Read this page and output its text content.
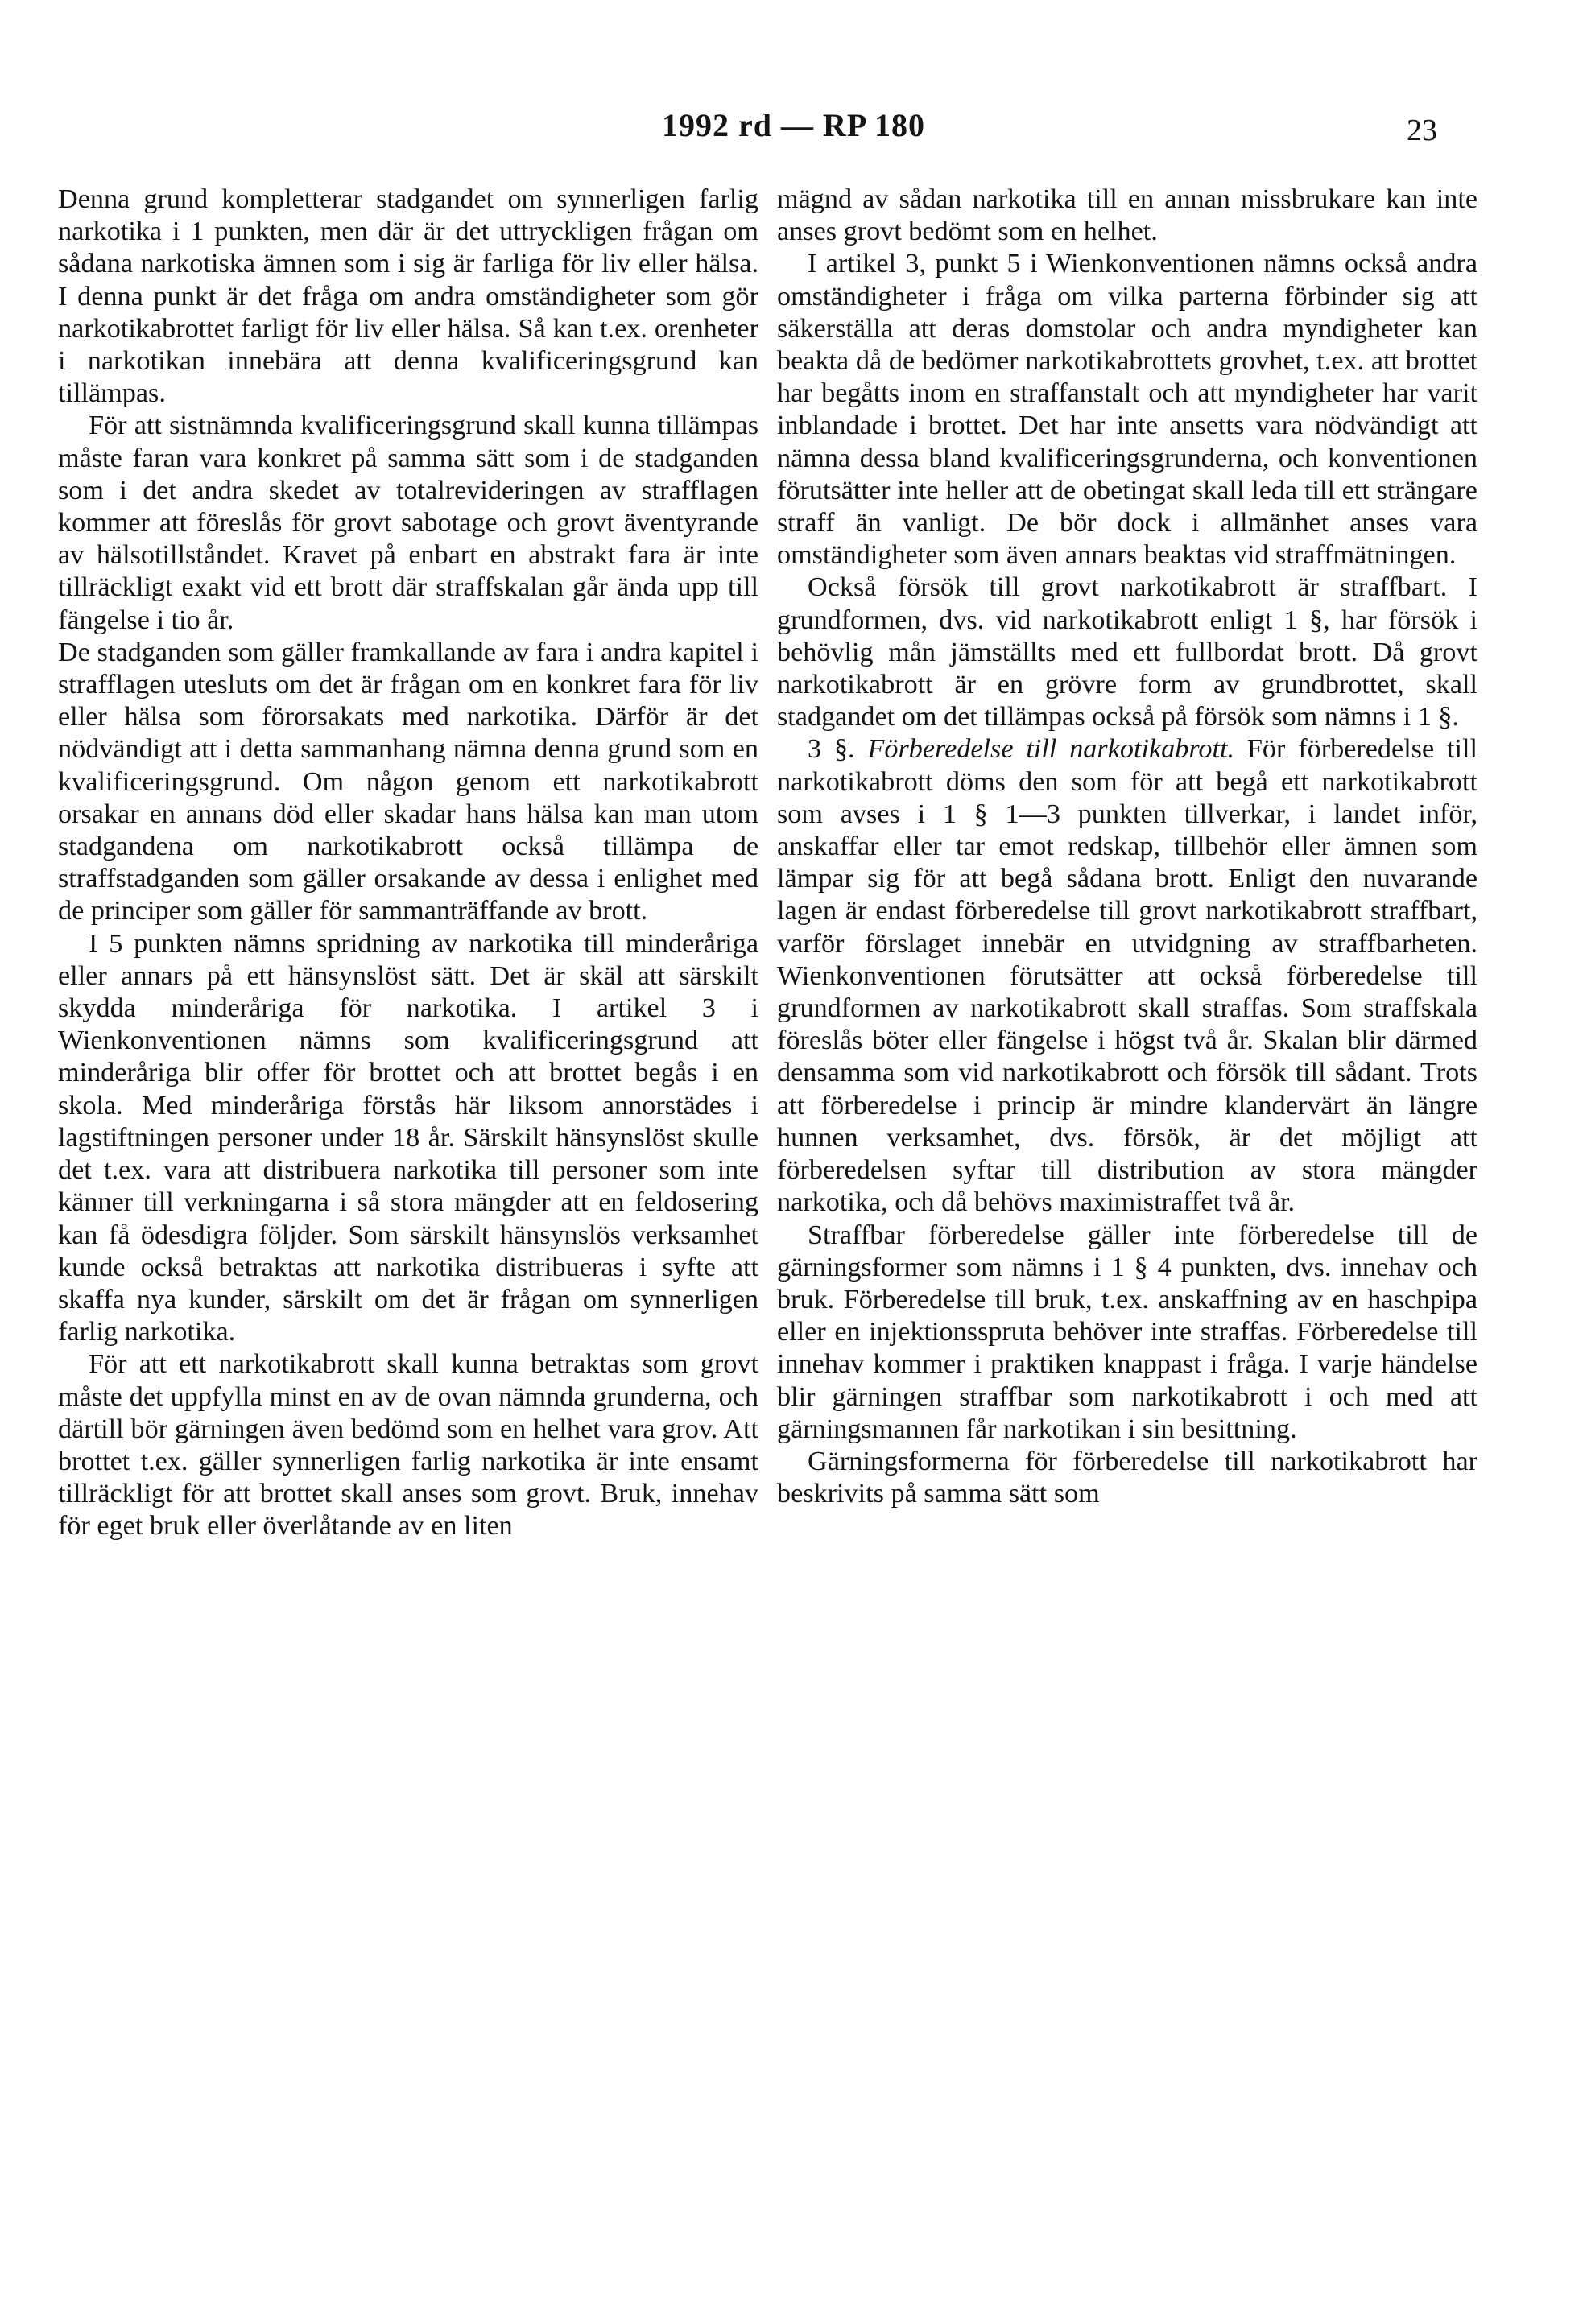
1992 rd — RP 180	23

Denna grund kompletterar stadgandet om synnerligen farlig narkotika i 1 punkten, men där är det uttryckligen frågan om sådana narkotiska ämnen som i sig är farliga för liv eller hälsa. I denna punkt är det fråga om andra omständigheter som gör narkotikabrottet farligt för liv eller hälsa. Så kan t.ex. orenheter i narkotikan innebära att denna kvalificeringsgrund kan tillämpas.

För att sistnämnda kvalificeringsgrund skall kunna tillämpas måste faran vara konkret på samma sätt som i de stadganden som i det andra skedet av totalrevideringen av strafflagen kommer att föreslås för grovt sabotage och grovt äventyrande av hälsotillståndet. Kravet på enbart en abstrakt fara är inte tillräckligt exakt vid ett brott där straffskalan går ända upp till fängelse i tio år.

De stadganden som gäller framkallande av fara i andra kapitel i strafflagen utesluts om det är frågan om en konkret fara för liv eller hälsa som förorsakats med narkotika. Därför är det nödvändigt att i detta sammanhang nämna denna grund som en kvalificeringsgrund. Om någon genom ett narkotikabrott orsakar en annans död eller skadar hans hälsa kan man utom stadgandena om narkotikabrott också tillämpa de straffstadganden som gäller orsakande av dessa i enlighet med de principer som gäller för sammanträffande av brott.

I 5 punkten nämns spridning av narkotika till minderåriga eller annars på ett hänsynslöst sätt. Det är skäl att särskilt skydda minderåriga för narkotika. I artikel 3 i Wienkonventionen nämns som kvalificeringsgrund att minderåriga blir offer för brottet och att brottet begås i en skola. Med minderåriga förstås här liksom annorstädes i lagstiftningen personer under 18 år. Särskilt hänsynslöst skulle det t.ex. vara att distribuera narkotika till personer som inte känner till verkningarna i så stora mängder att en feldosering kan få ödesdigra följder. Som särskilt hänsynslös verksamhet kunde också betraktas att narkotika distribueras i syfte att skaffa nya kunder, särskilt om det är frågan om synnerligen farlig narkotika.

För att ett narkotikabrott skall kunna betraktas som grovt måste det uppfylla minst en av de ovan nämnda grunderna, och därtill bör gärningen även bedömd som en helhet vara grov. Att brottet t.ex. gäller synnerligen farlig narkotika är inte ensamt tillräckligt för att brottet skall anses som grovt. Bruk, innehav för eget bruk eller överlåtande av en liten

mägnd av sådan narkotika till en annan missbrukare kan inte anses grovt bedömt som en helhet.

I artikel 3, punkt 5 i Wienkonventionen nämns också andra omständigheter i fråga om vilka parterna förbinder sig att säkerställa att deras domstolar och andra myndigheter kan beakta då de bedömer narkotikabrottets grovhet, t.ex. att brottet har begåtts inom en straffanstalt och att myndigheter har varit inblandade i brottet. Det har inte ansetts vara nödvändigt att nämna dessa bland kvalificeringsgrunderna, och konventionen förutsätter inte heller att de obetingat skall leda till ett strängare straff än vanligt. De bör dock i allmänhet anses vara omständigheter som även annars beaktas vid straffmätningen.

Också försök till grovt narkotikabrott är straffbart. I grundformen, dvs. vid narkotikabrott enligt 1 §, har försök i behövlig mån jämställts med ett fullbordat brott. Då grovt narkotikabrott är en grövre form av grundbrottet, skall stadgandet om det tillämpas också på försök som nämns i 1 §.

3 §. Förberedelse till narkotikabrott. För förberedelse till narkotikabrott döms den som för att begå ett narkotikabrott som avses i 1 § 1—3 punkten tillverkar, i landet inför, anskaffar eller tar emot redskap, tillbehör eller ämnen som lämpar sig för att begå sådana brott. Enligt den nuvarande lagen är endast förberedelse till grovt narkotikabrott straffbart, varför förslaget innebär en utvidgning av straffbarheten. Wienkonventionen förutsätter att också förberedelse till grundformen av narkotikabrott skall straffas. Som straffskala föreslås böter eller fängelse i högst två år. Skalan blir därmed densamma som vid narkotikabrott och försök till sådant. Trots att förberedelse i princip är mindre klandervärt än längre hunnen verksamhet, dvs. försök, är det möjligt att förberedelsen syftar till distribution av stora mängder narkotika, och då behövs maximistraffet två år.

Straffbar förberedelse gäller inte förberedelse till de gärningsformer som nämns i 1 § 4 punkten, dvs. innehav och bruk. Förberedelse till bruk, t.ex. anskaffning av en haschpipa eller en injektionsspruta behöver inte straffas. Förberedelse till innehav kommer i praktiken knappast i fråga. I varje händelse blir gärningen straffbar som narkotikabrott i och med att gärningsmannen får narkotikan i sin besittning.

Gärningsformerna för förberedelse till narkotikabrott har beskrivits på samma sätt som
